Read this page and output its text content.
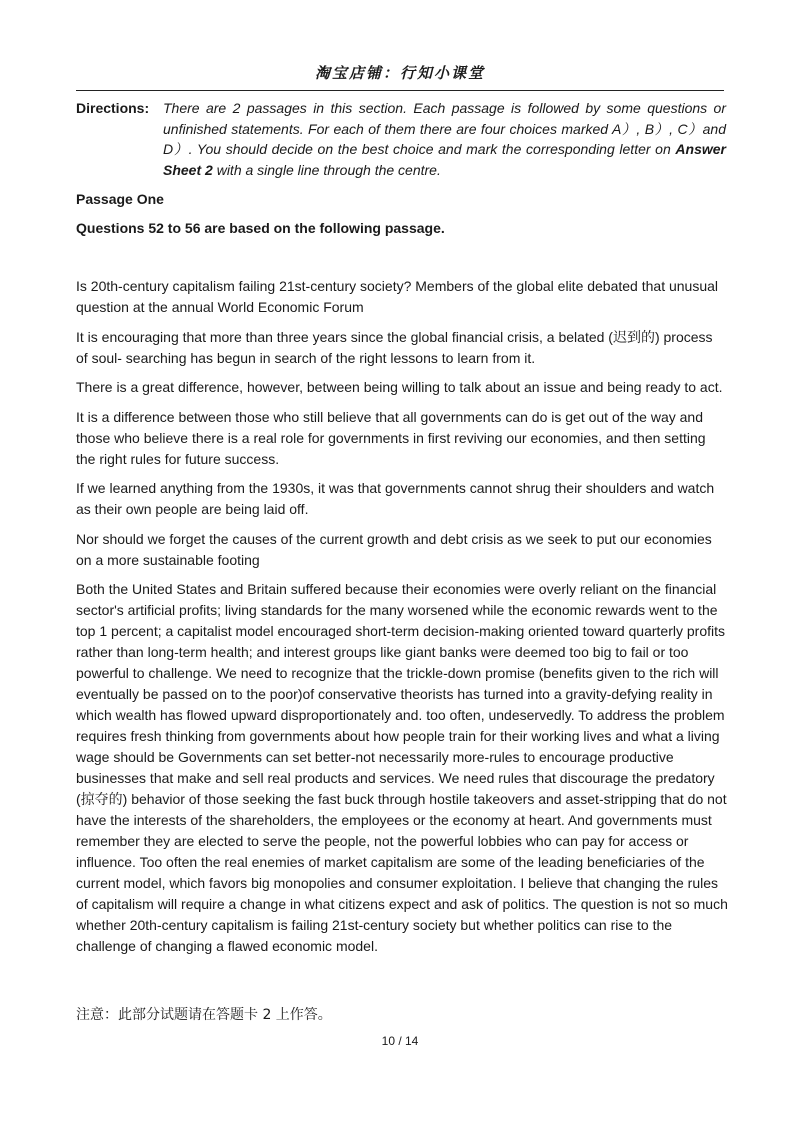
淘宝店铺：行知小课堂
Directions: There are 2 passages in this section. Each passage is followed by some questions or unfinished statements. For each of them there are four choices marked A）, B）, C）and D）. You should decide on the best choice and mark the corresponding letter on Answer Sheet 2 with a single line through the centre.
Passage One
Questions 52 to 56 are based on the following passage.

Is 20th-century capitalism failing 21st-century society? Members of the global elite debated that unusual question at the annual World Economic Forum

It is encouraging that more than three years since the global financial crisis, a belated (迟到的) process of soul- searching has begun in search of the right lessons to learn from it.

There is a great difference, however, between being willing to talk about an issue and being ready to act.

It is a difference between those who still believe that all governments can do is get out of the way and those who believe there is a real role for governments in first reviving our economies, and then setting the right rules for future success.

If we learned anything from the 1930s, it was that governments cannot shrug their shoulders and watch as their own people are being laid off.

Nor should we forget the causes of the current growth and debt crisis as we seek to put our economies on a more sustainable footing

Both the United States and Britain suffered because their economies were overly reliant on the financial sector's artificial profits; living standards for the many worsened while the economic rewards went to the top 1 percent; a capitalist model encouraged short-term decision-making oriented toward quarterly profits rather than long-term health; and interest groups like giant banks were deemed too big to fail or too powerful to challenge. We need to recognize that the trickle-down promise (benefits given to the rich will eventually be passed on to the poor)of conservative theorists has turned into a gravity-defying reality in which wealth has flowed upward disproportionately and. too often, undeservedly. To address the problem requires fresh thinking from governments about how people train for their working lives and what a living wage should be Governments can set better-not necessarily more-rules to encourage productive businesses that make and sell real products and services. We need rules that discourage the predatory (掠夺的) behavior of those seeking the fast buck through hostile takeovers and asset-stripping that do not have the interests of the shareholders, the employees or the economy at heart. And governments must remember they are elected to serve the people, not the powerful lobbies who can pay for access or influence. Too often the real enemies of market capitalism are some of the leading beneficiaries of the current model, which favors big monopolies and consumer exploitation. I believe that changing the rules of capitalism will require a change in what citizens expect and ask of politics. The question is not so much whether 20th-century capitalism is failing 21st-century society but whether politics can rise to the challenge of changing a flawed economic model.

注意：此部分试题请在答题卡 2 上作答。
10 / 14
